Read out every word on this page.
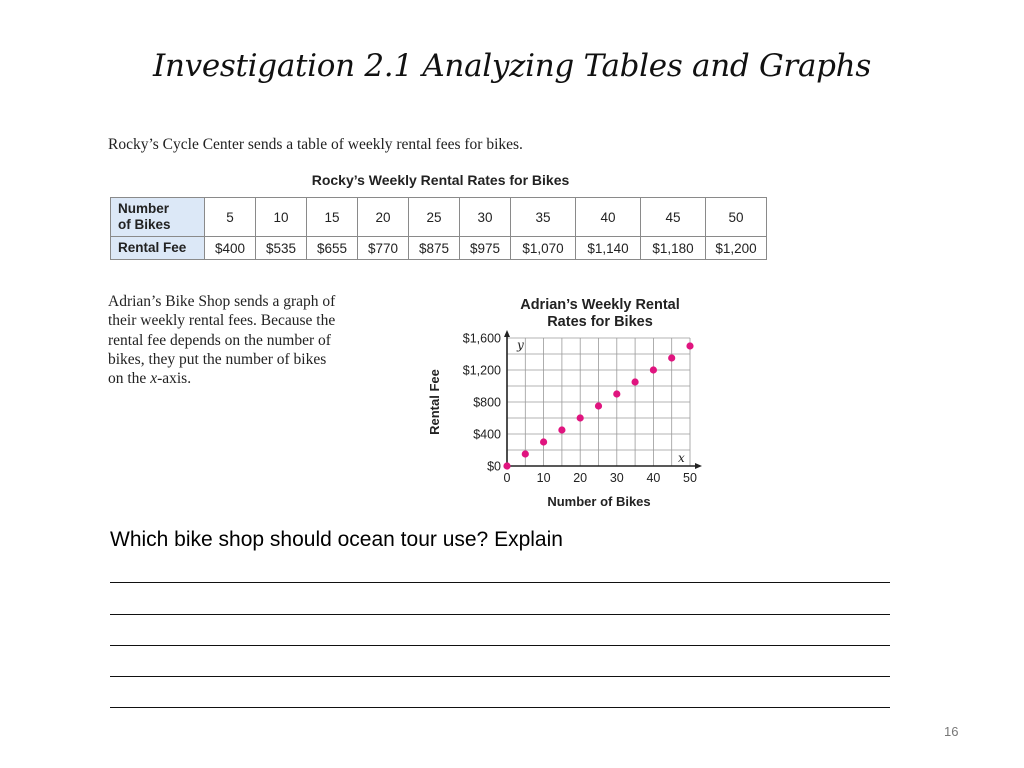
Investigation 2.1 Analyzing Tables and Graphs
Rocky’s Cycle Center sends a table of weekly rental fees for bikes.
Rocky’s Weekly Rental Rates for Bikes
Number
of Bikes	5	10	15	20	25	30	35	40	45	50
Rental Fee	$400	$535	$655	$770	$875	$975	$1,070	$1,140	$1,180	$1,200
Adrian’s Bike Shop sends a graph of
their weekly rental fees. Because the
rental fee depends on the number of
bikes, they put the number of bikes
on the x-axis.
Adrian’s Weekly Rental
Rates for Bikes
0 10 20 30 40 50
$0
$400
$800
$1,200
$1,600 y
x
Number of Bikes
Rental Fee
Which bike shop should ocean tour use? Explain
16
